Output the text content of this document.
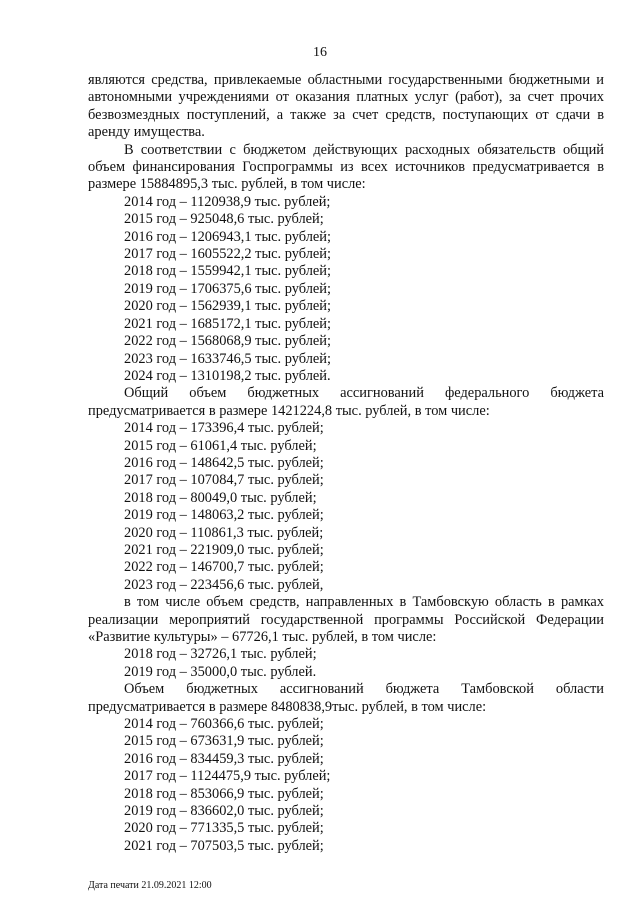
16

являются средства, привлекаемые областными государственными бюджетными и автономными учреждениями от оказания платных услуг (работ), за счет прочих безвозмездных поступлений, а также за счет средств, поступающих от сдачи в аренду имущества.

В соответствии с бюджетом действующих расходных обязательств общий объем финансирования Госпрограммы из всех источников предусматривается в размере 15884895,3 тыс. рублей, в том числе:

2014 год – 1120938,9 тыс. рублей;

2015 год – 925048,6 тыс. рублей;

2016 год – 1206943,1 тыс. рублей;

2017 год – 1605522,2 тыс. рублей;

2018 год – 1559942,1 тыс. рублей;

2019 год – 1706375,6 тыс. рублей;

2020 год – 1562939,1 тыс. рублей;

2021 год – 1685172,1 тыс. рублей;

2022 год – 1568068,9 тыс. рублей;

2023 год – 1633746,5 тыс. рублей;

2024 год – 1310198,2 тыс. рублей.

Общий объем бюджетных ассигнований федерального бюджета предусматривается в размере 1421224,8 тыс. рублей, в том числе:

2014 год – 173396,4 тыс. рублей;

2015 год – 61061,4 тыс. рублей;

2016 год – 148642,5 тыс. рублей;

2017 год – 107084,7 тыс. рублей;

2018 год – 80049,0 тыс. рублей;

2019 год – 148063,2 тыс. рублей;

2020 год – 110861,3 тыс. рублей;

2021 год – 221909,0 тыс. рублей;

2022 год – 146700,7 тыс. рублей;

2023 год – 223456,6 тыс. рублей,

в том числе объем средств, направленных в Тамбовскую область в рамках реализации мероприятий государственной программы Российской Федерации «Развитие культуры» – 67726,1 тыс. рублей, в том числе:

2018 год – 32726,1 тыс. рублей;

2019 год – 35000,0 тыс. рублей.

Объем бюджетных ассигнований бюджета Тамбовской области предусматривается в размере 8480838,9тыс. рублей, в том числе:

2014 год – 760366,6 тыс. рублей;

2015 год – 673631,9 тыс. рублей;

2016 год – 834459,3 тыс. рублей;

2017 год – 1124475,9 тыс. рублей;

2018 год – 853066,9 тыс. рублей;

2019 год – 836602,0 тыс. рублей;

2020 год – 771335,5 тыс. рублей;

2021 год – 707503,5 тыс. рублей;

Дата печати 21.09.2021 12:00
